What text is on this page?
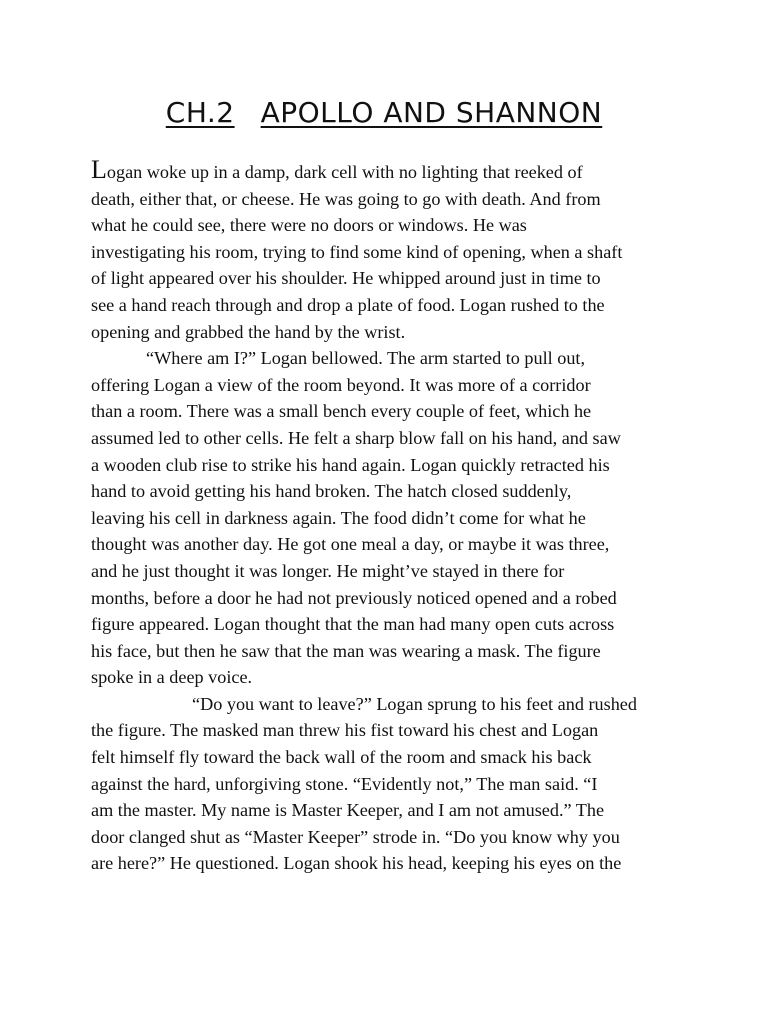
CH.2 APOLLO AND SHANNON
Logan woke up in a damp, dark cell with no lighting that reeked of
death, either that, or cheese. He was going to go with death. And from
what he could see, there were no doors or windows. He was
investigating his room, trying to find some kind of opening, when a shaft
of light appeared over his shoulder. He whipped around just in time to
see a hand reach through and drop a plate of food. Logan rushed to the
opening and grabbed the hand by the wrist.
“Where am I?” Logan bellowed. The arm started to pull out,
offering Logan a view of the room beyond. It was more of a corridor
than a room. There was a small bench every couple of feet, which he
assumed led to other cells. He felt a sharp blow fall on his hand, and saw
a wooden club rise to strike his hand again. Logan quickly retracted his
hand to avoid getting his hand broken. The hatch closed suddenly,
leaving his cell in darkness again. The food didn’t come for what he
thought was another day. He got one meal a day, or maybe it was three,
and he just thought it was longer. He might’ve stayed in there for
months, before a door he had not previously noticed opened and a robed
figure appeared. Logan thought that the man had many open cuts across
his face, but then he saw that the man was wearing a mask. The figure
spoke in a deep voice.
“Do you want to leave?” Logan sprung to his feet and rushed
the figure. The masked man threw his fist toward his chest and Logan
felt himself fly toward the back wall of the room and smack his back
against the hard, unforgiving stone. “Evidently not,” The man said. “I
am the master. My name is Master Keeper, and I am not amused.” The
door clanged shut as “Master Keeper” strode in. “Do you know why you
are here?” He questioned. Logan shook his head, keeping his eyes on the
